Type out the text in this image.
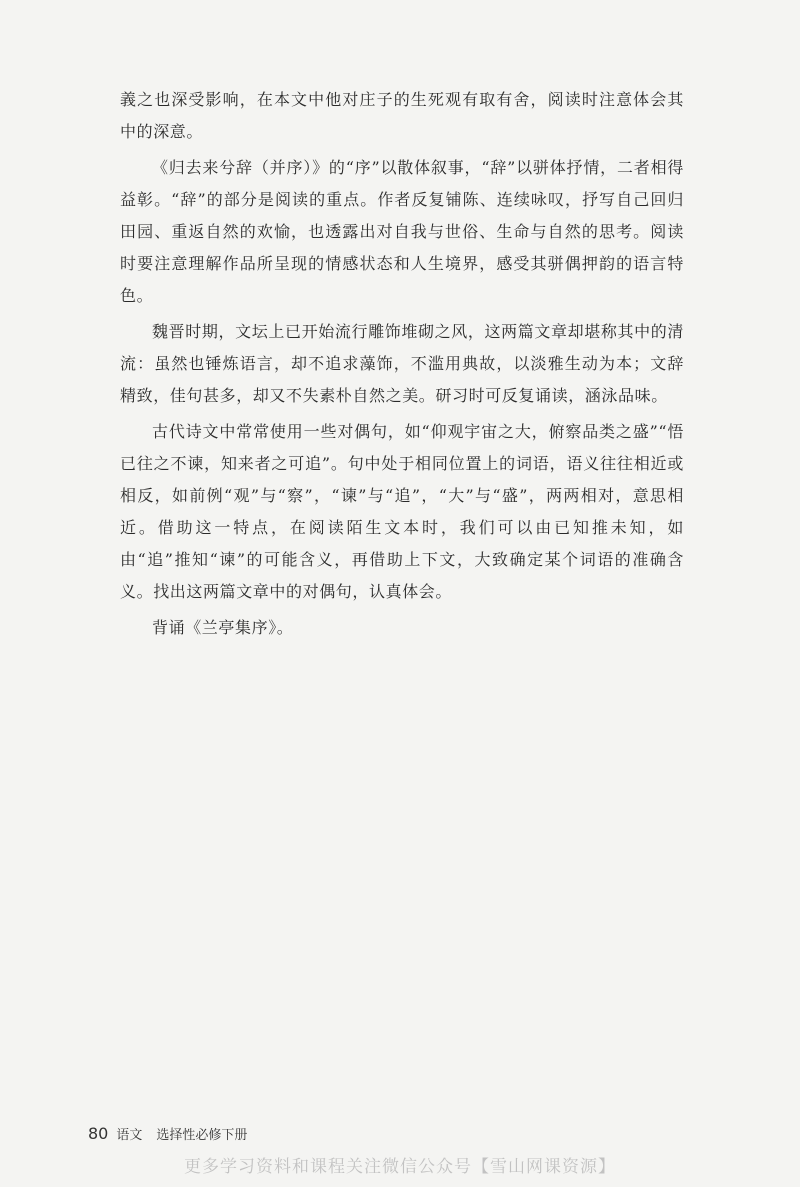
義之也深受影响，在本文中他对庄子的生死观有取有舍，阅读时注意体会其中的深意。

《归去来兮辞（并序）》的“序”以散体叙事，“辞”以骈体抒情，二者相得益彰。“辞”的部分是阅读的重点。作者反复铺陈、连续咏叹，抒写自己回归田园、重返自然的欢愉，也透露出对自我与世俗、生命与自然的思考。阅读时要注意理解作品所呈现的情感状态和人生境界，感受其骈偶押韵的语言特色。

魏晋时期，文坛上已开始流行雕饰堆砌之风，这两篇文章却堪称其中的清流：虽然也锤炼语言，却不追求藻饰，不滥用典故，以淡雅生动为本；文辞精致，佳句甚多，却又不失素朴自然之美。研习时可反复诵读，涵泳品味。

古代诗文中常常使用一些对偶句，如“仰观宇宙之大，俯察品类之盛”“悟已往之不谏，知来者之可追”。句中处于相同位置上的词语，语义往往相近或相反，如前例“观”与“察”，“谏”与“追”，“大”与“盛”，两两相对，意思相近。借助这一特点，在阅读陌生文本时，我们可以由已知推未知，如由“追”推知“谏”的可能含义，再借助上下文，大致确定某个词语的准确含义。找出这两篇文章中的对偶句，认真体会。

背诵《兰亭集序》。

80 语文 选择性必修下册
更多学习资料和课程关注微信公众号【雪山网课资源】
